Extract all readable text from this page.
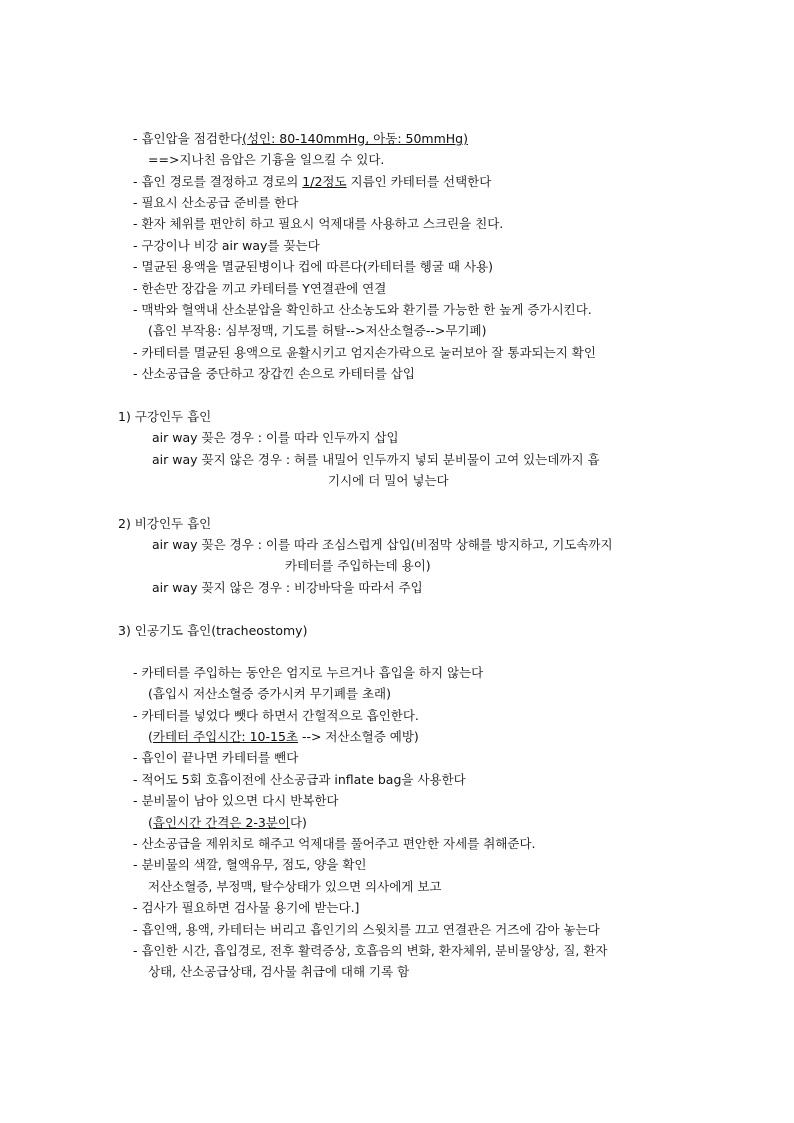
- 흡인압을 점검한다(성인: 80-140mmHg, 아동: 50mmHg)
==>지나친 음압은 기흉을 일으킬 수 있다.
- 흡인 경로를 결정하고 경로의 1/2정도 지름인 카테터를 선택한다
- 필요시 산소공급 준비를 한다
- 환자 체위를 편안히 하고 필요시 억제대를 사용하고 스크린을 친다.
- 구강이나 비강 air way를 꽂는다
- 멸균된 용액을 멸균된병이나 컵에 따른다(카테터를 헹굴 때 사용)
- 한손만 장갑을 끼고 카테터를 Y연결관에 연결
- 맥박와 혈액내 산소분압을 확인하고 산소농도와 환기를 가능한 한 높게 증가시킨다.
(흡인 부작용: 심부정맥, 기도를 허탈-->저산소혈증-->무기폐)
- 카테터를 멸균된 용액으로 윤활시키고 엄지손가락으로 눌러보아 잘 통과되는지 확인
- 산소공급을 중단하고 장갑낀 손으로 카테터를 삽입
1) 구강인두 흡인
air way 꽂은 경우 : 이를 따라 인두까지 삽입
air way 꽂지 않은 경우 : 혀를 내밀어 인두까지 넣되 분비물이 고여 있는데까지 흡
기시에 더 밀어 넣는다
2) 비강인두 흡인
air way 꽂은 경우 : 이를 따라 조심스럽게 삽입(비점막 상해를 방지하고, 기도속까지
카테터를 주입하는데 용이)
air way 꽂지 않은 경우 : 비강바닥을 따라서 주입
3) 인공기도 흡인(tracheostomy)
- 카테터를 주입하는 동안은 엄지로 누르거나 흡입을 하지 않는다
(흡입시 저산소혈증 증가시켜 무기폐를 초래)
- 카테터를 넣었다 뺏다 하면서 간헐적으로 흡인한다.
(카테터 주입시간: 10-15초 --> 저산소혈증 예방)
- 흡인이 끝나면 카테터를 뺀다
- 적어도 5회 호흡이전에 산소공급과 inflate bag을 사용한다
- 분비물이 남아 있으면 다시 반복한다
(흡인시간 간격은 2-3분이다)
- 산소공급을 제위치로 해주고 억제대를 풀어주고 편안한 자세를 취해준다.
- 분비물의 색깔, 혈액유무, 점도, 양을 확인
저산소혈증, 부정맥, 탈수상태가 있으면 의사에게 보고
- 검사가 필요하면 검사물 용기에 받는다.]
- 흡인액, 용액, 카테터는 버리고 흡인기의 스윗치를 끄고 연결관은 거즈에 감아 놓는다
- 흡인한 시간, 흡입경로, 전후 활력증상, 호흡음의 변화, 환자체위, 분비물양상, 질, 환자
상태, 산소공급상태, 검사물 취급에 대해 기록 함
